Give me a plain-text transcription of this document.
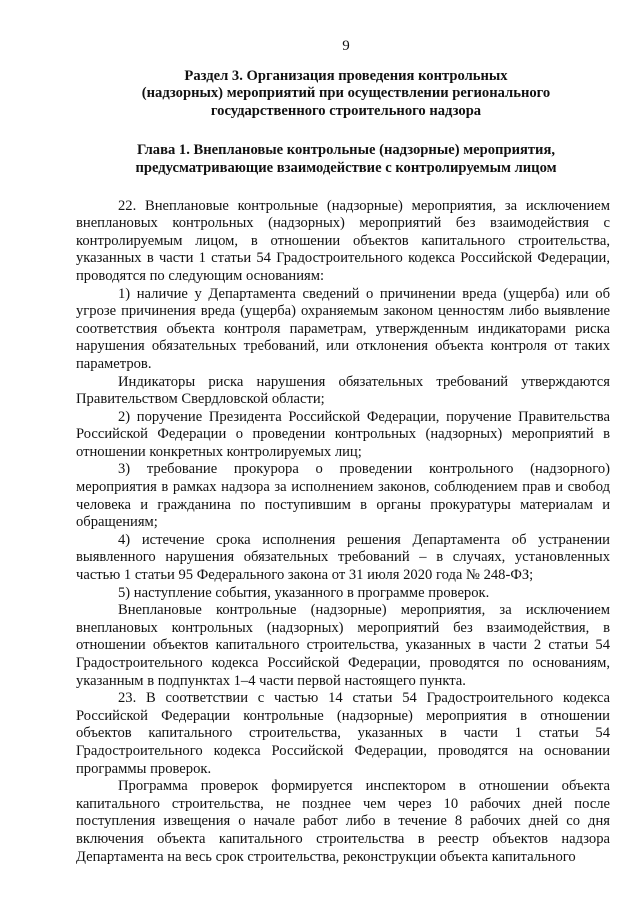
9
Раздел 3. Организация проведения контрольных
(надзорных) мероприятий при осуществлении регионального
государственного строительного надзора
Глава 1. Внеплановые контрольные (надзорные) мероприятия,
предусматривающие взаимодействие с контролируемым лицом

22. Внеплановые контрольные (надзорные) мероприятия, за исключением внеплановых контрольных (надзорных) мероприятий без взаимодействия с контролируемым лицом, в отношении объектов капитального строительства, указанных в части 1 статьи 54 Градостроительного кодекса Российской Федерации, проводятся по следующим основаниям:

1) наличие у Департамента сведений о причинении вреда (ущерба) или об угрозе причинения вреда (ущерба) охраняемым законом ценностям либо выявление соответствия объекта контроля параметрам, утвержденным индикаторами риска нарушения обязательных требований, или отклонения объекта контроля от таких параметров.

Индикаторы риска нарушения обязательных требований утверждаются Правительством Свердловской области;

2) поручение Президента Российской Федерации, поручение Правительства Российской Федерации о проведении контрольных (надзорных) мероприятий в отношении конкретных контролируемых лиц;

3) требование прокурора о проведении контрольного (надзорного) мероприятия в рамках надзора за исполнением законов, соблюдением прав и свобод человека и гражданина по поступившим в органы прокуратуры материалам и обращениям;

4) истечение срока исполнения решения Департамента об устранении выявленного нарушения обязательных требований – в случаях, установленных частью 1 статьи 95 Федерального закона от 31 июля 2020 года № 248-ФЗ;

5) наступление события, указанного в программе проверок.

Внеплановые контрольные (надзорные) мероприятия, за исключением внеплановых контрольных (надзорных) мероприятий без взаимодействия, в отношении объектов капитального строительства, указанных в части 2 статьи 54 Градостроительного кодекса Российской Федерации, проводятся по основаниям, указанным в подпунктах 1–4 части первой настоящего пункта.

23. В соответствии с частью 14 статьи 54 Градостроительного кодекса Российской Федерации контрольные (надзорные) мероприятия в отношении объектов капитального строительства, указанных в части 1 статьи 54 Градостроительного кодекса Российской Федерации, проводятся на основании программы проверок.

Программа проверок формируется инспектором в отношении объекта капитального строительства, не позднее чем через 10 рабочих дней после поступления извещения о начале работ либо в течение 8 рабочих дней со дня включения объекта капитального строительства в реестр объектов надзора Департамента на весь срок строительства, реконструкции объекта капитального
